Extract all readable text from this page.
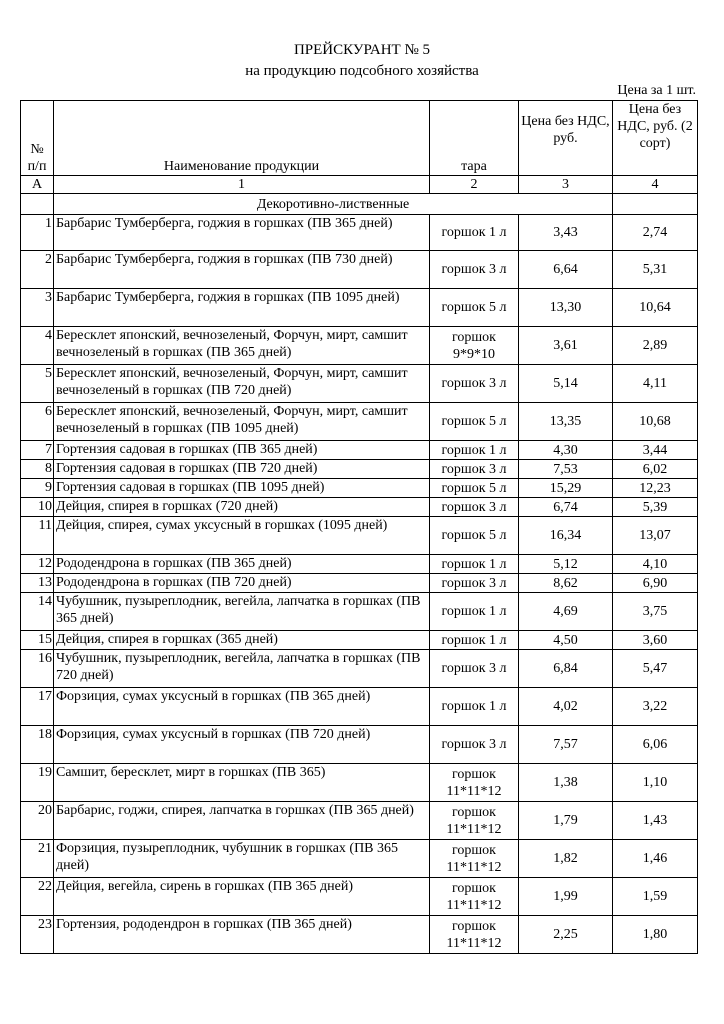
ПРЕЙСКУРАНТ № 5
на продукцию подсобного хозяйства
Цена за 1 шт.
№ п/п	Наименование продукции	тара	Цена без НДС, руб.	Цена без НДС, руб. (2 сорт)
А	1	2	3	4
	Декоротивно-лиственные			
1	Барбарис Тумберберга, годжия в горшках (ПВ 365 дней)	горшок 1 л	3,43	2,74
2	Барбарис Тумберберга, годжия в горшках (ПВ 730 дней)	горшок 3 л	6,64	5,31
3	Барбарис Тумберберга, годжия в горшках (ПВ 1095 дней)	горшок 5 л	13,30	10,64
4	Бересклет японский, вечнозеленый, Форчун, мирт, самшит вечнозеленый в горшках (ПВ 365 дней)	горшок 9*9*10	3,61	2,89
5	Бересклет японский, вечнозеленый, Форчун, мирт, самшит вечнозеленый в горшках (ПВ 720 дней)	горшок 3 л	5,14	4,11
6	Бересклет японский, вечнозеленый, Форчун, мирт, самшит вечнозеленый в горшках (ПВ 1095 дней)	горшок 5 л	13,35	10,68
7	Гортензия садовая в горшках (ПВ 365 дней)	горшок 1 л	4,30	3,44
8	Гортензия садовая в горшках (ПВ 720 дней)	горшок 3 л	7,53	6,02
9	Гортензия садовая в горшках (ПВ 1095 дней)	горшок 5 л	15,29	12,23
10	Дейция, спирея в горшках (720 дней)	горшок 3 л	6,74	5,39
11	Дейция, спирея, сумах уксусный в горшках (1095 дней)	горшок 5 л	16,34	13,07
12	Рододендрона в горшках (ПВ 365 дней)	горшок 1 л	5,12	4,10
13	Рододендрона в горшках (ПВ 720 дней)	горшок 3 л	8,62	6,90
14	Чубушник, пузыреплодник, вегейла, лапчатка в горшках (ПВ 365 дней)	горшок 1 л	4,69	3,75
15	Дейция, спирея в горшках (365 дней)	горшок 1 л	4,50	3,60
16	Чубушник, пузыреплодник, вегейла, лапчатка в горшках (ПВ 720 дней)	горшок 3 л	6,84	5,47
17	Форзиция, сумах уксусный в горшках (ПВ 365 дней)	горшок 1 л	4,02	3,22
18	Форзиция, сумах уксусный в горшках (ПВ 720 дней)	горшок 3 л	7,57	6,06
19	Самшит, бересклет, мирт в горшках (ПВ 365)	горшок 11*11*12	1,38	1,10
20	Барбарис, годжи, спирея, лапчатка в горшках (ПВ 365 дней)	горшок 11*11*12	1,79	1,43
21	Форзиция, пузыреплодник, чубушник в горшках (ПВ 365 дней)	горшок 11*11*12	1,82	1,46
22	Дейция, вегейла, сирень в горшках (ПВ 365 дней)	горшок 11*11*12	1,99	1,59
23	Гортензия, рододендрон в горшках (ПВ 365 дней)	горшок 11*11*12	2,25	1,80
